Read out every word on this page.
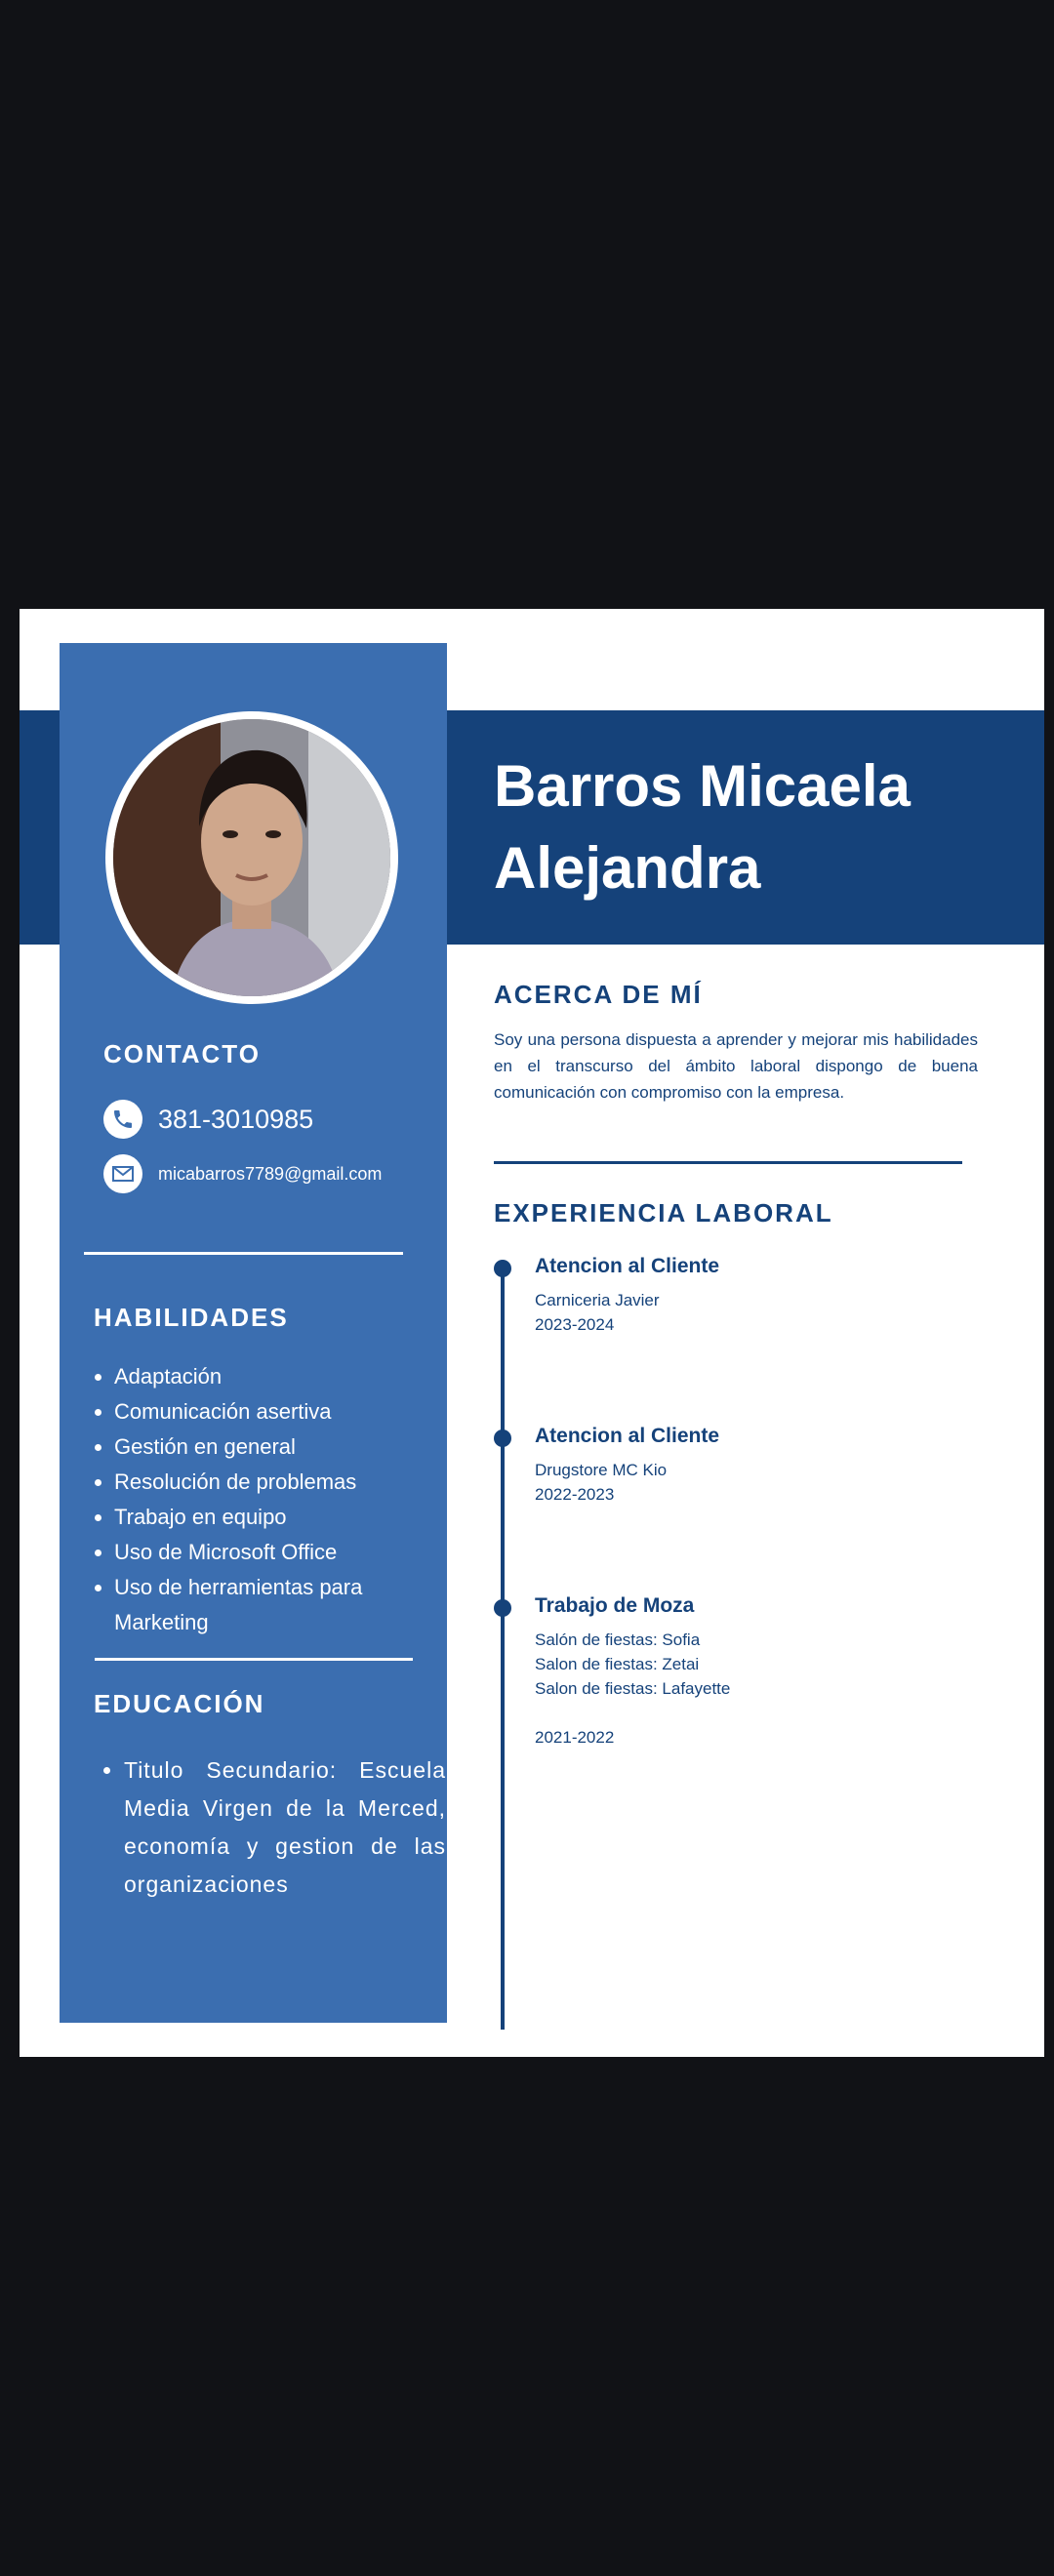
CONTACTO
381-3010985
micabarros7789@gmail.com
HABILIDADES
• Adaptación
• Comunicación asertiva
• Gestión en general
• Resolución de problemas
• Trabajo en equipo
• Uso de Microsoft Office
• Uso de herramientas para Marketing
EDUCACIÓN
• Titulo Secundario: Escuela Media Virgen de la Merced, economía y gestion de las organizaciones
Barros Micaela
Alejandra
ACERCA DE MÍ

Soy una persona dispuesta a aprender y mejorar mis habilidades en el transcurso del ámbito laboral dispongo de buena comunicación con compromiso con la empresa.

EXPERIENCIA LABORAL

Atencion al Cliente

Carniceria Javier

2023-2024

Atencion al Cliente

Drugstore MC Kio

2022-2023

Trabajo de Moza

Salón de fiestas: Sofia

Salon de fiestas: Zetai

Salon de fiestas: Lafayette

2021-2022
